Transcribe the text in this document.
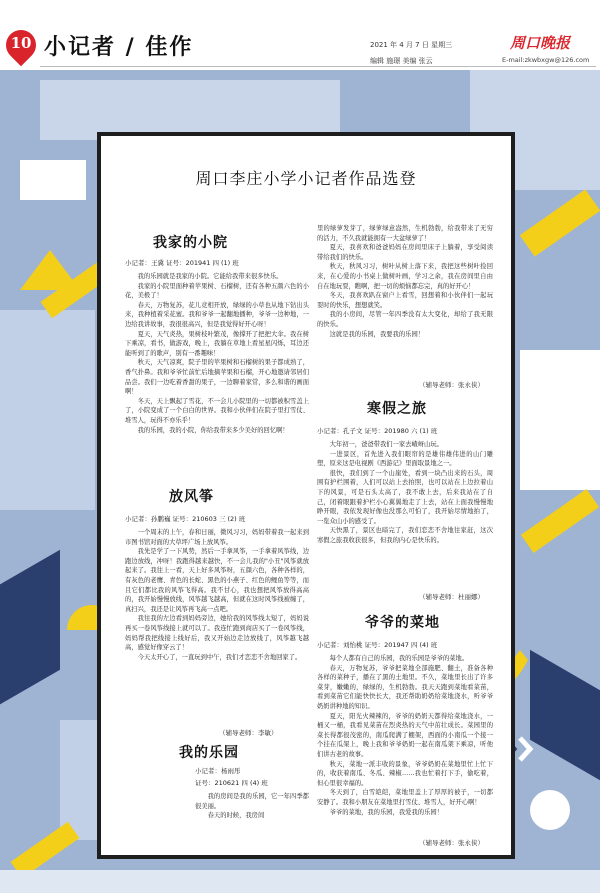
10 小记者 / 佳作	2021 年 4 月 7 日 星期三
编辑 施璟 美编 张云
周口晚报
E-mail:zkwbxgw@126.com
周口李庄小学小记者作品选登
我家的小院
小记者：王冀 证号：201941 四 (1) 班

我的乐园就是我家的小院。它能给我带来很多快乐。

我家的小院里面种着苹果树、石榴树，还有各种五颜六色的小花，美极了！

春天，万物复苏，花儿竞相开放，绿绿的小草也从地下钻出头来，我种植着采花蜜。我和爷爷一起翻地播种，爷爷一边种地，一边给我讲故事，我很很高兴，但是我觉得好开心呀！

夏天，天气炎热，果树枝叶繁茂，像撑开了把把大伞。我在树下乘凉，看书，做游戏，晚上，我躺在草地上看星星闪烁，耳边还能听到了的歌声，别有一番趣味！

秋天，天气凉爽，院子里的苹果树和石榴树的果子都成熟了，香气扑鼻。我和爷爷忙前忙后地摘苹果和石榴，开心地邀请邻居们品尝。我们一边吃着香甜的果子，一边聊着家常，多么和谐的画面啊！

冬天，天上飘起了雪花，不一会儿小院里的一切都被积雪盖上了，小院变成了一个白白的世界。我和小伙伴们在院子里打雪仗、堆雪人，玩得不亦乐乎！

我的乐园，我的小院，你给我带来多少美好的回忆啊！

放风筝
小记者：孙鹏巍 证号：210603 三 (2) 班

一个周末的上午，春和日丽，微风习习，妈妈带着我一起来到市图书馆对面的大草坪广场上放风筝。

我先是学了一下风势，然后一手拿风筝，一手拿着风筝线，边跑边放线，冲呀！我跑得越来越快，不一会儿我的"小丑"风筝就放起来了。我往上一看，天上好多风筝呀，五颜六色，各种各样的，有灰色的老鹰、青色的长蛇、黑色的小燕子、红色的鲤鱼等等，而且它们都比我的风筝飞得高。我不甘心，我也想把风筝放得高高的，我开始慢慢放线，风筝越飞越高，但就在这时风筝线被缠了，真扫兴，我还是让风筝再飞高一点吧。

我往我的左边看到妈妈旁边，她给我的风筝线太短了，妈妈说再买一卷风筝线接上就可以了。我连忙跑到商店买了一卷风筝线，妈妈帮我把线接上线好后，我又开始边走边放线了，风筝越飞越高，感觉好像穿云了！

今天太开心了，一直玩到中午，我们才恋恋不舍地回家了。

（辅导老师：李敏）
我的乐园
小记者：杨雨彤
证号：210621 四 (4) 班

我的房间是我的乐园，它一年四季都很美丽。

春天的时候，我房间

里的绿萝发芽了，绿萝绿意盎然，生机勃勃，给我带来了无穷的活力，不久我就能拥有一大盆绿萝了！

夏天，我喜欢和爸爸妈妈在房间里床子上躺着，享受阅读带给我们的快乐。

秋天，秋风习习，树叶从树上落下来，我把这些树叶捡回来，在心爱的小书桌上做树叶画，学习之余，我在房间里自由自在地玩耍，瞧啊，把一切的烦恼都忘完，真的好开心！

冬天，我喜欢趴在窗户上看雪，回想着和小伙伴们一起玩耍时的快乐，想想就笑。

我的小房间，尽管一年四季没有太大变化，却给了我无限的快乐。

这就是我的乐园，我要我的乐园！

（辅导老师：张永侠）
寒假之旅
小记者：孔子文 证号：201980 六 (1) 班

大年初一，爸爸带我们一家去嵖岈山玩。

一进景区，首先进入我们眼帘的是雄伟雄伟进的山门雕塑，原来这是电视剧《西游记》里面取景地之一。

很快，我们到了一个山崖处，看到一块凸出来的石头，周围有护栏围着，人们可以站上去拍照，也可以站在上边拉着山下的风景，可是石头太高了，我不敢上去，后来我站在了自己，闭着眼跟着护栏小心翼翼地走了上去，站在上面我慢慢地睁开眼，我依发现好像也没那么可怕了，我开始尽情地拍了，一览众山小的感受了。

天快黑了，景区也暗完了，我们恋恋不舍地往家赶，这次寒假之旅我收获很多，但我的内心是快乐的。

（辅导老师：杜丽娜）
爷爷的菜地
小记者：刘怡桃 证号：201947 四 (4) 班

每个人都有自己的乐园，我的乐园是爷爷的菜地。

春天，万物复苏，爷爷把菜地全部施肥、翻土，准备各种各样的菜种子，播在了黑的土地里。不久，菜地里长出了许多菜芽，嫩嫩的，绿绿的，生机勃勃。我天天跑到菜地看菜苗，看到菜苗它们能快快长大，我还帮助奶奶给菜地浇水，听爷爷奶奶讲种地的知识。

夏天，阳光火辣辣的，爷爷的奶奶天都得给菜地浇水，一桶又一桶，我看见菜苗在烈炎热的天气中茁壮成长。菜园里的菜长得都很茂密的，南瓜爬满了棚架，西面的小南瓜一个接一个挂在瓜架上，晚上我和爷爷奶奶一起在南瓜架下乘凉，听他们讲古老的故事。

秋天，菜地一派丰收的景象，爷爷奶奶在菜地里忙上忙下的，收获着南瓜、冬瓜、辣椒……我也忙着打下手，偷吃着，但心里很幸福的。

冬天到了，白雪皑皑，菜地里盖上了厚厚的被子，一切都安静了。我和小朋友在菜地里打雪仗、堆雪人，好开心啊！

爷爷的菜地，我的乐园，我爱我的乐园！

（辅导老师：张永侠）
